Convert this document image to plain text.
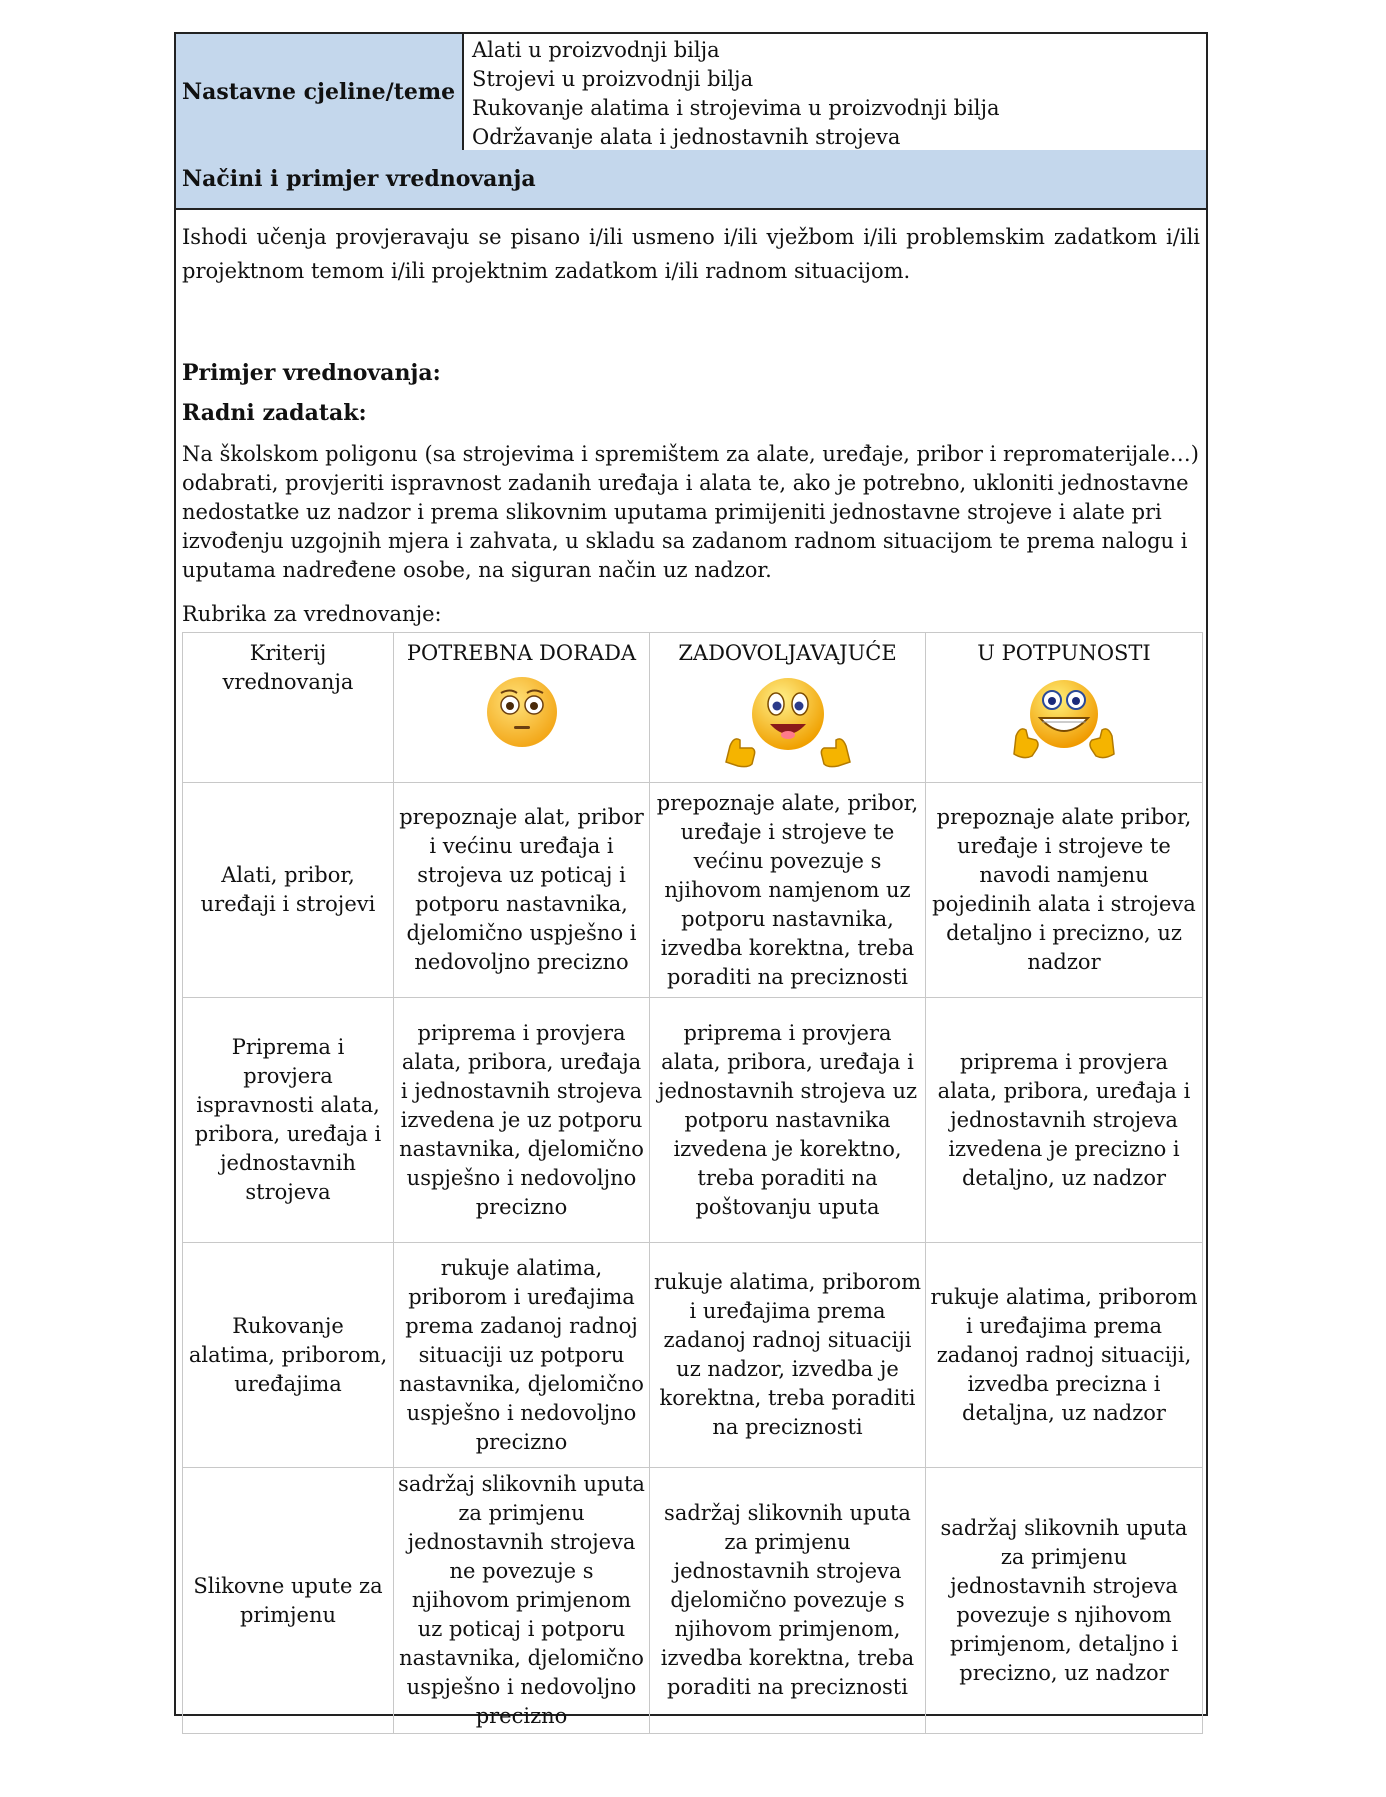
Nastavne cjeline/teme
Alati u proizvodnji bilja
Strojevi u proizvodnji bilja
Rukovanje alatima i strojevima u proizvodnji bilja
Održavanje alata i jednostavnih strojeva
Načini i primjer vrednovanja
Ishodi učenja provjeravaju se pisano i/ili usmeno i/ili vježbom i/ili problemskim zadatkom i/ili projektnom temom i/ili projektnim zadatkom i/ili radnom situacijom.
Primjer vrednovanja:
Radni zadatak:
Na školskom poligonu (sa strojevima i spremištem za alate, uređaje, pribor i repromaterijale…) odabrati, provjeriti ispravnost zadanih uređaja i alata te, ako je potrebno, ukloniti jednostavne nedostatke uz nadzor i prema slikovnim uputama primijeniti jednostavne strojeve i alate pri izvođenju uzgojnih mjera i zahvata, u skladu sa zadanom radnom situacijom te prema nalogu i uputama nadređene osobe, na siguran način uz nadzor.
Rubrika za vrednovanje:
Kriterij vrednovanja	POTREBNA DORADA	ZADOVOLJAVAJUĆE	U POTPUNOSTI

Alati, pribor, uređaji i strojevi	prepoznaje alat, pribor i većinu uređaja i strojeva uz poticaj i potporu nastavnika, djelomično uspješno i nedovoljno precizno	prepoznaje alate, pribor, uređaje i strojeve te većinu povezuje s njihovom namjenom uz potporu nastavnika, izvedba korektna, treba poraditi na preciznosti	prepoznaje alate pribor, uređaje i strojeve te navodi namjenu pojedinih alata i strojeva detaljno i precizno, uz nadzor
Priprema i provjera ispravnosti alata, pribora, uređaja i jednostavnih strojeva	priprema i provjera alata, pribora, uređaja i jednostavnih strojeva izvedena je uz potporu nastavnika, djelomično uspješno i nedovoljno precizno	priprema i provjera alata, pribora, uređaja i jednostavnih strojeva uz potporu nastavnika izvedena je korektno, treba poraditi na poštovanju uputa	priprema i provjera alata, pribora, uređaja i jednostavnih strojeva izvedena je precizno i detaljno, uz nadzor
Rukovanje alatima, priborom, uređajima	rukuje alatima, priborom i uređajima prema zadanoj radnoj situaciji uz potporu nastavnika, djelomično uspješno i nedovoljno precizno	rukuje alatima, priborom i uređajima prema zadanoj radnoj situaciji uz nadzor, izvedba je korektna, treba poraditi na preciznosti	rukuje alatima, priborom i uređajima prema zadanoj radnoj situaciji, izvedba precizna i detaljna, uz nadzor
Slikovne upute za primjenu	sadržaj slikovnih uputa za primjenu jednostavnih strojeva ne povezuje s njihovom primjenom uz poticaj i potporu nastavnika, djelomično uspješno i nedovoljno precizno	sadržaj slikovnih uputa za primjenu jednostavnih strojeva djelomično povezuje s njihovom primjenom, izvedba korektna, treba poraditi na preciznosti	sadržaj slikovnih uputa za primjenu jednostavnih strojeva povezuje s njihovom primjenom, detaljno i precizno, uz nadzor
